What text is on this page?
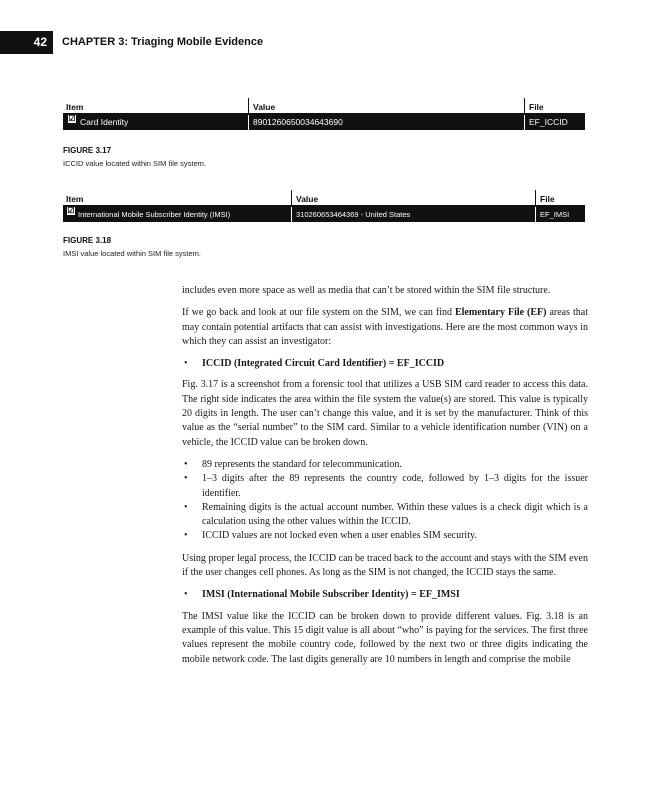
42	CHAPTER 3: Triaging Mobile Evidence
Item	Value	File
☑ Card Identity	89012606500346436​90	EF_ICCID
FIGURE 3.17
ICCID value located within SIM file system.
Item	Value	File
☑ International Mobile Subscriber Identity (IMSI)	310260653464369 - United States	EF_IMSI
FIGURE 3.18
IMSI value located within SIM file system.

includes even more space as well as media that can’t be stored within the SIM file structure.

If we go back and look at our file system on the SIM, we can find Elementary File (EF) areas that may contain potential artifacts that can assist with investigations. Here are the most common ways in which they can assist an investigator:

• ICCID (Integrated Circuit Card Identifier) = EF_ICCID

Fig. 3.17 is a screenshot from a forensic tool that utilizes a USB SIM card reader to access this data. The right side indicates the area within the file system the value(s) are stored. This value is typically 20 digits in length. The user can’t change this value, and it is set by the manufacturer. Think of this value as the “serial number” to the SIM card. Similar to a vehicle identification number (VIN) on a vehicle, the ICCID value can be broken down.

• 89 represents the standard for telecommunication.
• 1–3 digits after the 89 represents the country code, followed by 1–3 digits for the issuer identifier.
• Remaining digits is the actual account number. Within these values is a check digit which is a calculation using the other values within the ICCID.
• ICCID values are not locked even when a user enables SIM security.

Using proper legal process, the ICCID can be traced back to the account and stays with the SIM even if the user changes cell phones. As long as the SIM is not changed, the ICCID stays the same.

• IMSI (International Mobile Subscriber Identity) = EF_IMSI

The IMSI value like the ICCID can be broken down to provide different values. Fig. 3.18 is an example of this value. This 15 digit value is all about “who” is paying for the services. The first three values represent the mobile country code, followed by the next two or three digits indicating the mobile network code. The last digits generally are 10 numbers in length and comprise the mobile
